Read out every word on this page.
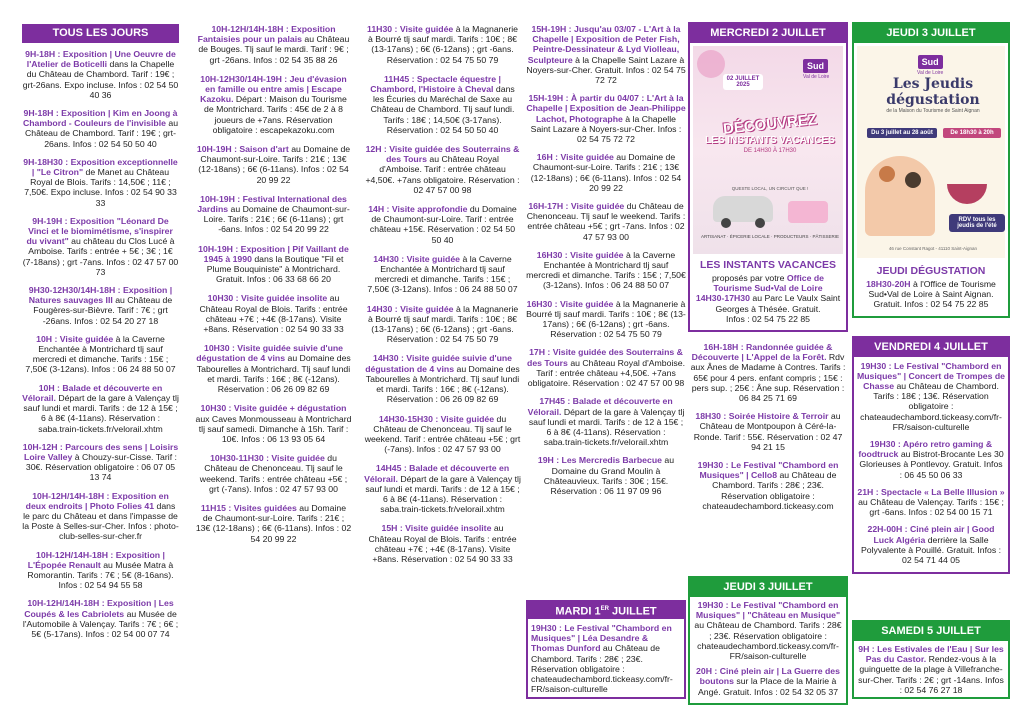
TOUS LES JOURS
9H-18H : Exposition | Une Oeuvre de l'Atelier de Boticelli dans la Chapelle du Château de Chambord. Tarif : 19€ ; grt-26ans. Expo incluse. Infos : 02 54 50 40 36
9H-18H : Exposition | Kim en Joong à Chambord - Couleurs de l'invisible au Château de Chambord. Tarif : 19€ ; grt-26ans. Infos : 02 54 50 50 40
9H-18H30 : Exposition exceptionnelle | "Le Citron" de Manet au Château Royal de Blois. Tarifs : 14,50€ ; 11€ ; 7,50€. Expo incluse. Infos : 02 54 90 33 33
9H-19H : Exposition "Léonard De Vinci et le biomimétisme, s'inspirer du vivant" au château du Clos Lucé à Amboise. Tarifs : entrée + 5€ ; 3€ ; 1€ (7-18ans) ; grt -7ans. Infos : 02 47 57 00 73
9H30-12H30/14H-18H : Exposition | Natures sauvages III au Château de Fougères-sur-Bièvre. Tarif : 7€ ; grt -26ans. Infos : 02 54 20 27 18
10H : Visite guidée à la Caverne Enchantée à Montrichard tlj sauf mercredi et dimanche. Tarifs : 15€ ; 7,50€ (3-12ans). Infos : 06 24 88 50 07
10H : Balade et découverte en Vélorail. Départ de la gare à Valençay tlj sauf lundi et mardi. Tarifs : de 12 à 15€ ; 6 à 8€ (4-11ans). Réservation : saba.train-tickets.fr/velorail.xhtm
10H-12H : Parcours des sens | Loisirs Loire Valley à Chouzy-sur-Cisse. Tarif : 30€. Réservation obligatoire : 06 07 05 13 74
10H-12H/14H-18H : Exposition en deux endroits | Photo Folies 41 dans le parc du Château et dans l'impasse de la Poste à Selles-sur-Cher. Infos : photo-club-selles-sur-cher.fr
10H-12H/14H-18H : Exposition | L'Épopée Renault au Musée Matra à Romorantin. Tarifs : 7€ ; 5€ (8-16ans). Infos : 02 54 94 55 58
10H-12H/14H-18H : Exposition | Les Coupés & les Cabriolets au Musée de l'Automobile à Valençay. Tarifs : 7€ ; 6€ ; 5€ (5-17ans). Infos : 02 54 00 07 74
10H-12H/14H-18H : Exposition Fantaisies pour un palais au Château de Bouges. Tlj sauf le mardi. Tarif : 9€ ; grt -26ans. Infos : 02 54 35 88 26
10H-12H30/14H-19H : Jeu d'évasion en famille ou entre amis | Escape Kazoku. Départ : Maison du Tourisme de Montrichard. Tarifs : 45€ de 2 à 8 joueurs de +7ans. Réservation obligatoire : escapekazoku.com
10H-19H : Saison d'art au Domaine de Chaumont-sur-Loire. Tarifs : 21€ ; 13€ (12-18ans) ; 6€ (6-11ans). Infos : 02 54 20 99 22
10H-19H : Festival International des Jardins au Domaine de Chaumont-sur-Loire. Tarifs : 21€ ; 6€ (6-11ans) ; grt -6ans. Infos : 02 54 20 99 22
10H-19H : Exposition | Pif Vaillant de 1945 à 1990 dans la Boutique "Fil et Plume Bouquiniste" à Montrichard. Gratuit. Infos : 06 33 68 66 20
10H30 : Visite guidée insolite au Château Royal de Blois. Tarifs : entrée château +7€ ; +4€ (8-17ans). Visite +8ans. Réservation : 02 54 90 33 33
10H30 : Visite guidée suivie d'une dégustation de 4 vins au Domaine des Tabourelles à Montrichard. Tlj sauf lundi et mardi. Tarifs : 16€ ; 8€ (-12ans). Réservation : 06 26 09 82 69
10H30 : Visite guidée + dégustation aux Caves Monmousseau à Montrichard tlj sauf samedi. Dimanche à 15h. Tarif : 10€. Infos : 06 13 93 05 64
10H30-11H30 : Visite guidée du Château de Chenonceau. Tlj sauf le weekend. Tarifs : entrée château +5€ ; grt (-7ans). Infos : 02 47 57 93 00
11H15 : Visites guidées au Domaine de Chaumont-sur-Loire. Tarifs : 21€ ; 13€ (12-18ans) ; 6€ (6-11ans). Infos : 02 54 20 99 22
11H30 : Visite guidée à la Magnanerie à Bourré tlj sauf mardi. Tarifs : 10€ ; 8€ (13-17ans) ; 6€ (6-12ans) ; grt -6ans. Réservation : 02 54 75 50 79
11H45 : Spectacle équestre | Chambord, l'Histoire à Cheval dans les Écuries du Maréchal de Saxe au Château de Chambord. Tlj sauf lundi. Tarifs : 18€ ; 14,50€ (3-17ans). Réservation : 02 54 50 50 40
12H : Visite guidée des Souterrains & des Tours au Château Royal d'Amboise. Tarif : entrée château +4,50€. +7ans obligatoire. Réservation : 02 47 57 00 98
14H : Visite approfondie du Domaine de Chaumont-sur-Loire. Tarif : entrée château +15€. Réservation : 02 54 50 50 40
14H30 : Visite guidée à la Caverne Enchantée à Montrichard tlj sauf mercredi et dimanche. Tarifs : 15€ ; 7,50€ (3-12ans). Infos : 06 24 88 50 07
14H30 : Visite guidée à la Magnanerie à Bourré tlj sauf mardi. Tarifs : 10€ ; 8€ (13-17ans) ; 6€ (6-12ans) ; grt -6ans. Réservation : 02 54 75 50 79
14H30 : Visite guidée suivie d'une dégustation de 4 vins au Domaine des Tabourelles à Montrichard. Tlj sauf lundi et mardi. Tarifs : 16€ ; 8€ (-12ans). Réservation : 06 26 09 82 69
14H30-15H30 : Visite guidée du Château de Chenonceau. Tlj sauf le weekend. Tarif : entrée château +5€ ; grt (-7ans). Infos : 02 47 57 93 00
14H45 : Balade et découverte en Vélorail. Départ de la gare à Valençay tlj sauf lundi et mardi. Tarifs : de 12 à 15€ ; 6 à 8€ (4-11ans). Réservation : saba.train-tickets.fr/velorail.xhtm
15H : Visite guidée insolite au Château Royal de Blois. Tarifs : entrée château +7€ ; +4€ (8-17ans). Visite +8ans. Réservation : 02 54 90 33 33
15H-19H : Jusqu'au 03/07 - L'Art à la Chapelle | Exposition de Peter Fish, Peintre-Dessinateur & Lyd Violleau, Sculpteure à la Chapelle Saint Lazare à Noyers-sur-Cher. Gratuit. Infos : 02 54 75 72 72
15H-19H : À partir du 04/07 : L'Art à la Chapelle | Exposition de Jean-Philippe Lachot, Photographe à la Chapelle Saint Lazare à Noyers-sur-Cher. Infos : 02 54 75 72 72
16H : Visite guidée au Domaine de Chaumont-sur-Loire. Tarifs : 21€ ; 13€ (12-18ans) ; 6€ (6-11ans). Infos : 02 54 20 99 22
16H-17H : Visite guidée du Château de Chenonceau. Tlj sauf le weekend. Tarifs : entrée château +5€ ; grt -7ans. Infos : 02 47 57 93 00
16H30 : Visite guidée à la Caverne Enchantée à Montrichard tlj sauf mercredi et dimanche. Tarifs : 15€ ; 7,50€ (3-12ans). Infos : 06 24 88 50 07
16H30 : Visite guidée à la Magnanerie à Bourré tlj sauf mardi. Tarifs : 10€ ; 8€ (13-17ans) ; 6€ (6-12ans) ; grt -6ans. Réservation : 02 54 75 50 79
17H : Visite guidée des Souterrains & des Tours au Château Royal d'Amboise. Tarif : entrée château +4,50€. +7ans obligatoire. Réservation : 02 47 57 00 98
17H45 : Balade et découverte en Vélorail. Départ de la gare à Valençay tlj sauf lundi et mardi. Tarifs : de 12 à 15€ ; 6 à 8€ (4-11ans). Réservation : saba.train-tickets.fr/velorail.xhtm
19H : Les Mercredis Barbecue au Domaine du Grand Moulin à Châteauvieux. Tarifs : 30€ ; 15€. Réservation : 06 11 97 09 96
MARDI 1ER JUILLET
19H30 : Le Festival "Chambord en Musiques" | Léa Desandre & Thomas Dunford au Château de Chambord. Tarifs : 28€ ; 23€. Réservation obligatoire : chateaudechambord.tickeasy.com/fr-FR/saison-culturelle
MERCREDI 2 JUILLET
Sud
Val de Loire
02 JUILLET 2025
DÉCOUVREZ
LES INSTANTS VACANCES
DE 14H30 À 17H30
QUESTE LOCAL, UN CIRCUIT QUE !
ARTISANAT · ÉPICERIE LOCALE · PRODUCTEURS · PÂTISSERIE
LES INSTANTS VACANCES
proposés par votre Office de Tourisme Sud•Val de Loire
14H30-17H30 au Parc Le Vaulx Saint Georges à Thésée. Gratuit.
Infos : 02 54 75 22 85
16H-18H : Randonnée guidée & Découverte | L'Appel de la Forêt. Rdv aux Ânes de Madame à Contres. Tarifs : 65€ pour 4 pers. enfant compris ; 15€ : pers sup. ; 25€ : Âne sup. Réservation : 06 84 25 71 69
18H30 : Soirée Histoire & Terroir au Château de Montpoupon à Céré-la-Ronde. Tarif : 55€. Réservation : 02 47 94 21 15
19H30 : Le Festival "Chambord en Musiques" | Cello8 au Château de Chambord. Tarifs : 28€ ; 23€. Réservation obligatoire : chateaudechambord.tickeasy.com
JEUDI 3 JUILLET
19H30 : Le Festival "Chambord en Musiques" | "Château en Musique" au Château de Chambord. Tarifs : 28€ ; 23€. Réservation obligatoire : chateaudechambord.tickeasy.com/fr-FR/saison-culturelle
20H : Ciné plein air | La Guerre des boutons sur la Place de la Mairie à Angé. Gratuit. Infos : 02 54 32 05 37
JEUDI 3 JUILLET
Sud
Val de Loire
Les Jeudis
dégustation
de la Maison du Tourisme de Saint Aignan
Du 3 juillet au 28 août	De 18h30 à 20h
RDV tous les jeudis de l'été
46 rue Constant Ragot - 41110 Saint-Aignan
JEUDI DÉGUSTATION
18H30-20H à l'Office de Tourisme Sud•Val de Loire à Saint Aignan. Gratuit. Infos : 02 54 75 22 85
VENDREDI 4 JUILLET
19H30 : Le Festival "Chambord en Musiques" | Concert de Trompes de Chasse au Château de Chambord. Tarifs : 18€ ; 13€. Réservation obligatoire : chateaudechambord.tickeasy.com/fr-FR/saison-culturelle
19H30 : Apéro retro gaming & foodtruck au Bistrot-Brocante Les 30 Glorieuses à Pontlevoy. Gratuit. Infos : 06 45 50 06 33
21H : Spectacle « La Belle Illusion » au Château de Valençay. Tarifs : 15€ ; grt -6ans. Infos : 02 54 00 15 71
22H-00H : Ciné plein air | Good Luck Algéria derrière la Salle Polyvalente à Pouillé. Gratuit. Infos : 02 54 71 44 05
SAMEDI 5 JUILLET
9H : Les Estivales de l'Eau | Sur les Pas du Castor. Rendez-vous à la guinguette de la plage à Villefranche-sur-Cher. Tarifs : 2€ ; grt -14ans. Infos : 02 54 76 27 18
